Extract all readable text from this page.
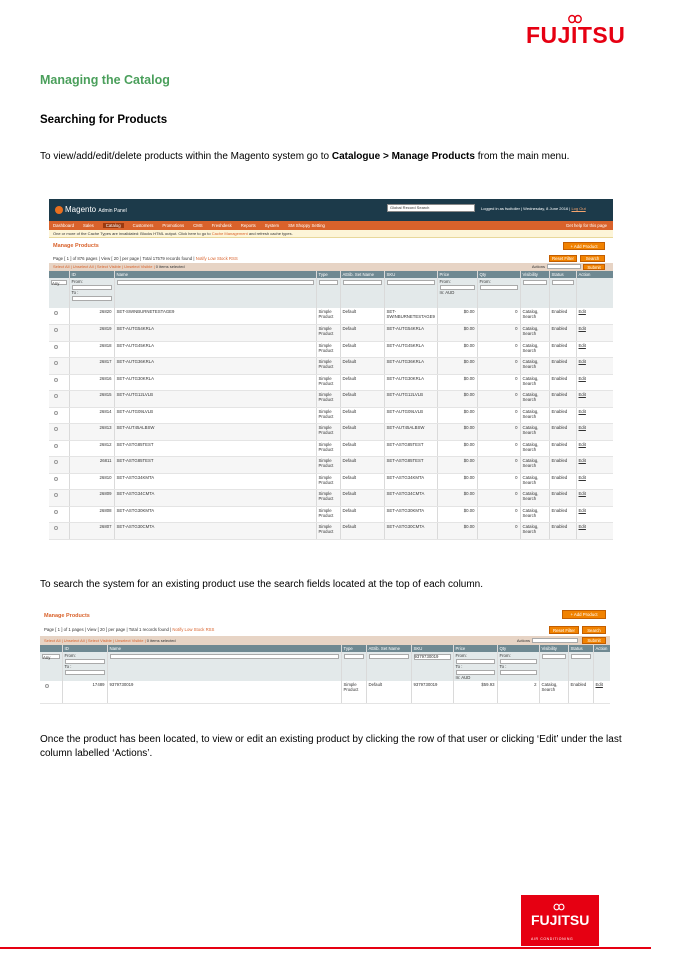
FUJITSU
Managing the Catalog
Searching for Products
To view/add/edit/delete products within the Magento system go to Catalogue > Manage Products from the main menu.
Magento Admin Panel
Global Record Search	Logged in as fsoltoller | Wednesday, 8 June 2016 | Log Out
Dashboard Sales	Catalog	Customers Promotions CMS Freshdesk Reports System SM Shoppy Setting	Get help for this page
One or more of the Cache Types are invalidated: Blocks HTML output. Click here to go to Cache Management and refresh cache types.
Manage Products	+ Add Product
Page [ 1 ] of 876 pages | View [ 20 ] per page | Total 17579 records found | Notify Low Stock RSS	Reset Filter	Search
Select All | Unselect All | Select Visible | Unselect Visible | 0 items selected	Actions	Submit
	ID	Name	Type	Attrib. Set Name	SKU	Price	Qty	Visibility	Status	Action

Any	From:
To :					From:
In: AUD	From:

	26820	SET-SWINBURNETESTAGE9	Simple Product	Default	SET-SWINBURNETESTAGE9	$0.00	0	Catalog, Search	Enabled	Edit
	26819	SET-AUTG54KRLA	Simple Product	Default	SET-AUTG54KRLA	$0.00	0	Catalog, Search	Enabled	Edit
	26818	SET-AUTG45KRLA	Simple Product	Default	SET-AUTG45KRLA	$0.00	0	Catalog, Search	Enabled	Edit
	26817	SET-AUTG36KRLA	Simple Product	Default	SET-AUTG36KRLA	$0.00	0	Catalog, Search	Enabled	Edit
	26816	SET-AUTG30KRLA	Simple Product	Default	SET-AUTG30KRLA	$0.00	0	Catalog, Search	Enabled	Edit
	26815	SET-AUTG12LVLB	Simple Product	Default	SET-AUTG12LVLB	$0.00	0	Catalog, Search	Enabled	Edit
	26814	SET-AUTG09LVLB	Simple Product	Default	SET-AUTG09LVLB	$0.00	0	Catalog, Search	Enabled	Edit
	26813	SET-AUT45ALBSW	Simple Product	Default	SET-AUT45ALBSW	$0.00	0	Catalog, Search	Enabled	Edit
	26812	SET-ASTG85TEST	Simple Product	Default	SET-ASTG85TEST	$0.00	0	Catalog, Search	Enabled	Edit
	26811	SET-ASTG85TEST	Simple Product	Default	SET-ASTG85TEST	$0.00	0	Catalog, Search	Enabled	Edit
	26810	SET-ASTG34KMTA	Simple Product	Default	SET-ASTG34KMTA	$0.00	0	Catalog, Search	Enabled	Edit
	26809	SET-ASTG34CMTA	Simple Product	Default	SET-ASTG34CMTA	$0.00	0	Catalog, Search	Enabled	Edit
	26808	SET-ASTG30KMTA	Simple Product	Default	SET-ASTG30KMTA	$0.00	0	Catalog, Search	Enabled	Edit
	26807	SET-ASTG30CMTA	Simple Product	Default	SET-ASTG30CMTA	$0.00	0	Catalog, Search	Enabled	Edit
To search the system for an existing product use the search fields located at the top of each column.
Manage Products	+ Add Product
Page [ 1 ] of 1 pages | View [ 20 ] per page | Total 1 records found | Notify Low Stock RSS	Reset Filter	Search
Select All | Unselect All | Select Visible | Unselect Visible | 0 items selected	Actions	Submit
	ID	Name	Type	Attrib. Set Name	SKU	Price	Qty	Visibility	Status	Action

Any	From:
To :				9379730019	From:
To :
In: AUD	From:
To :

	17489	9379730019	Simple Product	Default	9379730019	$59.93	2	Catalog, Search	Enabled	Edit
Once the product has been located, to view or edit an existing product by clicking the row of that user or clicking ‘Edit’ under the last column labelled ‘Actions’.
FUJITSU
AIR CONDITIONING
